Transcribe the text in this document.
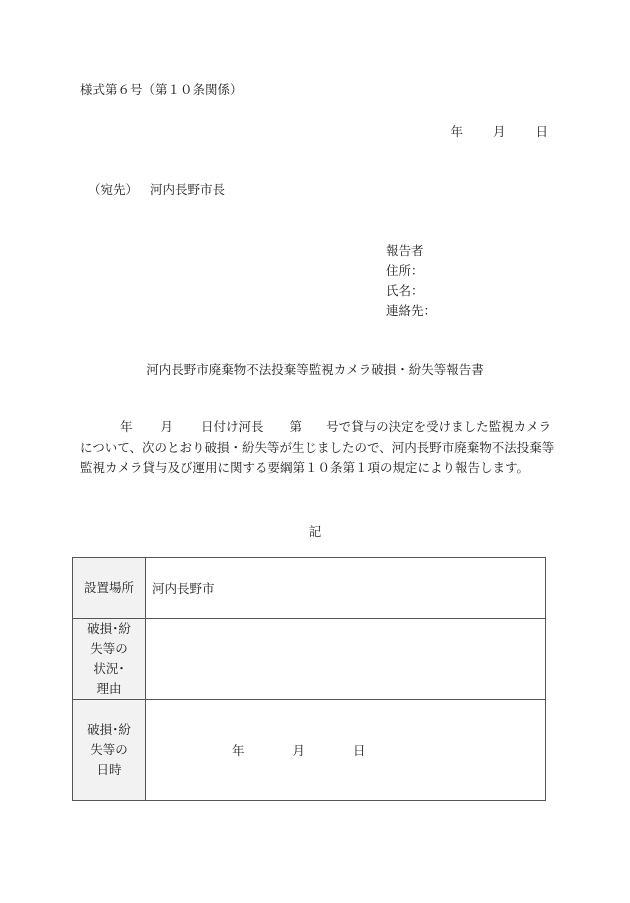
様式第６号（第１０条関係）
年 月 日
（宛先） 河内長野市長
報告者
住所：
氏名：
連絡先：
河内長野市廃棄物不法投棄等監視カメラ破損・紛失等報告書

年 月 日付け河長 第 号で貸与の決定を受けました監視カメラについて、次のとおり破損・紛失等が生じましたので、河内長野市廃棄物不法投棄等監視カメラ貸与及び運用に関する要綱第１０条第１項の規定により報告します。

記
設置場所	河内長野市

破損･紛
失等の
状況･
理由	

破損･紛
失等の
日時	年 月 日
